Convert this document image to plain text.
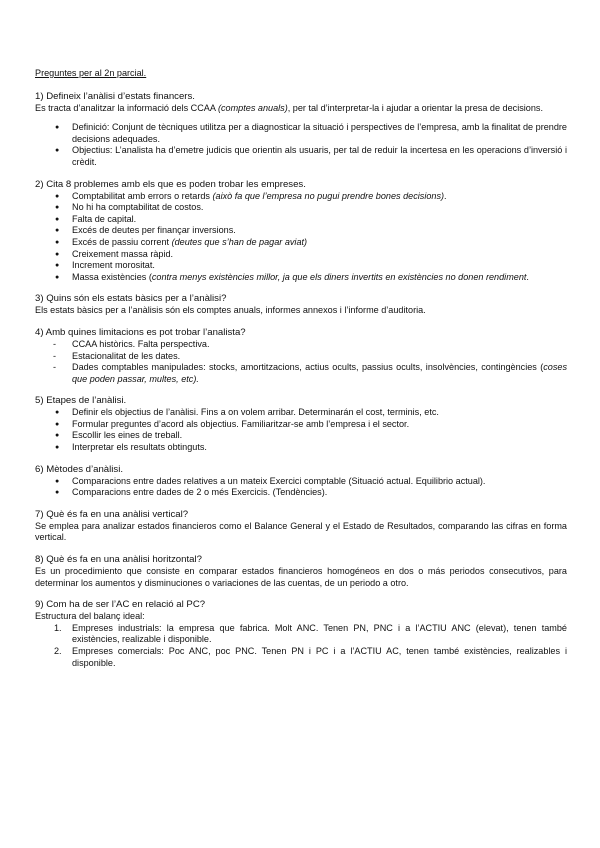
Preguntes per al 2n parcial.
1) Defineix l’anàlisi d’estats financers.
Es tracta d’analitzar la informació dels CCAA (comptes anuals), per tal d’interpretar-la i ajudar a orientar la presa de decisions.
● Definició: Conjunt de tècniques utilitza per a diagnosticar la situació i perspectives de l’empresa, amb la finalitat de prendre decisions adequades.
● Objectius: L’analista ha d’emetre judicis que orientin als usuaris, per tal de reduir la incertesa en les operacions d’inversió i crèdit.
2) Cita 8 problemes amb els que es poden trobar les empreses.
● Comptabilitat amb errors o retards (això fa que l’empresa no pugui prendre bones decisions).
● No hi ha comptabilitat de costos.
● Falta de capital.
● Excés de deutes per finançar inversions.
● Excés de passiu corrent (deutes que s’han de pagar aviat)
● Creixement massa ràpid.
● Increment morositat.
● Massa existències (contra menys existències millor, ja que els diners invertits en existències no donen rendiment.
3) Quins són els estats bàsics per a l’anàlisi?
Els estats bàsics per a l’anàlisis són els comptes anuals, informes annexos i l’informe d’auditoria.
4) Amb quines limitacions es pot trobar l’analista?
- CCAA històrics. Falta perspectiva.
- Estacionalitat de les dates.
- Dades comptables manipulades: stocks, amortitzacions, actius ocults, passius ocults, insolvències, contingències (coses que poden passar, multes, etc).
5) Etapes de l’anàlisi.
● Definir els objectius de l’anàlisi. Fins a on volem arribar. Determinarán el cost, terminis, etc.
● Formular preguntes d’acord als objectius. Familiaritzar-se amb l’empresa i el sector.
● Escollir les eines de treball.
● Interpretar els resultats obtinguts.
6) Mètodes d’anàlisi.
● Comparacions entre dades relatives a un mateix Exercici comptable (Situació actual. Equilibrio actual).
● Comparacions entre dades de 2 o més Exercicis. (Tendències).
7) Què és fa en una anàlisi vertical?
Se emplea para analizar estados financieros como el Balance General y el Estado de Resultados, comparando las cifras en forma vertical.
8) Què és fa en una anàlisi horitzontal?
Es un procedimiento que consiste en comparar estados financieros homogéneos en dos o más periodos consecutivos, para determinar los aumentos y disminuciones o variaciones de las cuentas, de un periodo a otro.
9) Com ha de ser l’AC en relació al PC?
Estructura del balanç ideal:
1. Empreses industrials: la empresa que fabrica. Molt ANC. Tenen PN, PNC i a l’ACTIU ANC (elevat), tenen també existències, realizable i disponible.
2. Empreses comercials: Poc ANC, poc PNC. Tenen PN i PC i a l’ACTIU AC, tenen també existències, realizables i disponible.
